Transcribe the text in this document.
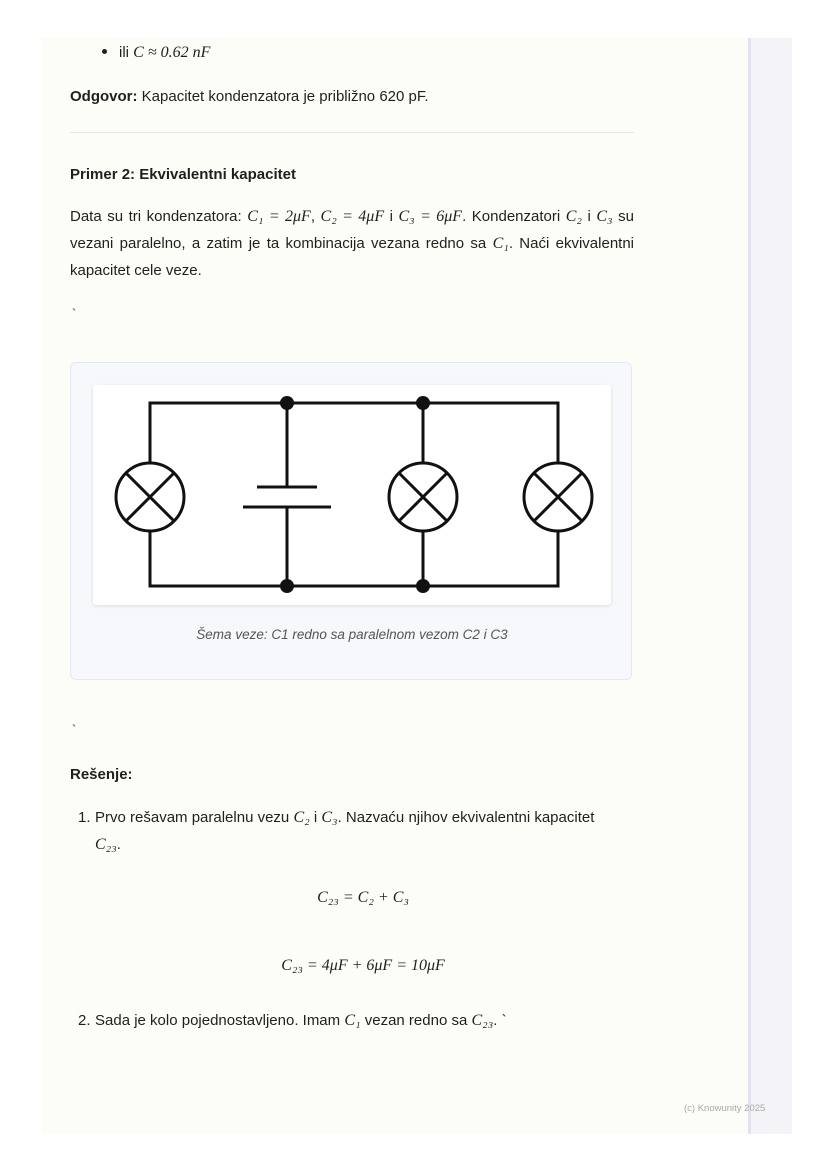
ili C ≈ 0.62 nF
Odgovor: Kapacitet kondenzatora je približno 620 pF.
Primer 2: Ekvivalentni kapacitet
Data su tri kondenzatora: C₁ = 2μF, C₂ = 4μF i C₃ = 6μF. Kondenzatori C₂ i C₃ su vezani paralelno, a zatim je ta kombinacija vezana redno sa C₁. Naći ekvivalentni kapacitet cele veze.
`
Šema veze: C1 redno sa paralelnom vezom C2 i C3
`
Rešenje:
1. Prvo rešavam paralelnu vezu C₂ i C₃. Nazvaću njihov ekvivalentni kapacitet
C₂₃.
C₂₃ = C₂ + C₃
C₂₃ = 4μF + 6μF = 10μF
2. Sada je kolo pojednostavljeno. Imam C₁ vezan redno sa C₂₃. `
(c) Knowunity 2025
